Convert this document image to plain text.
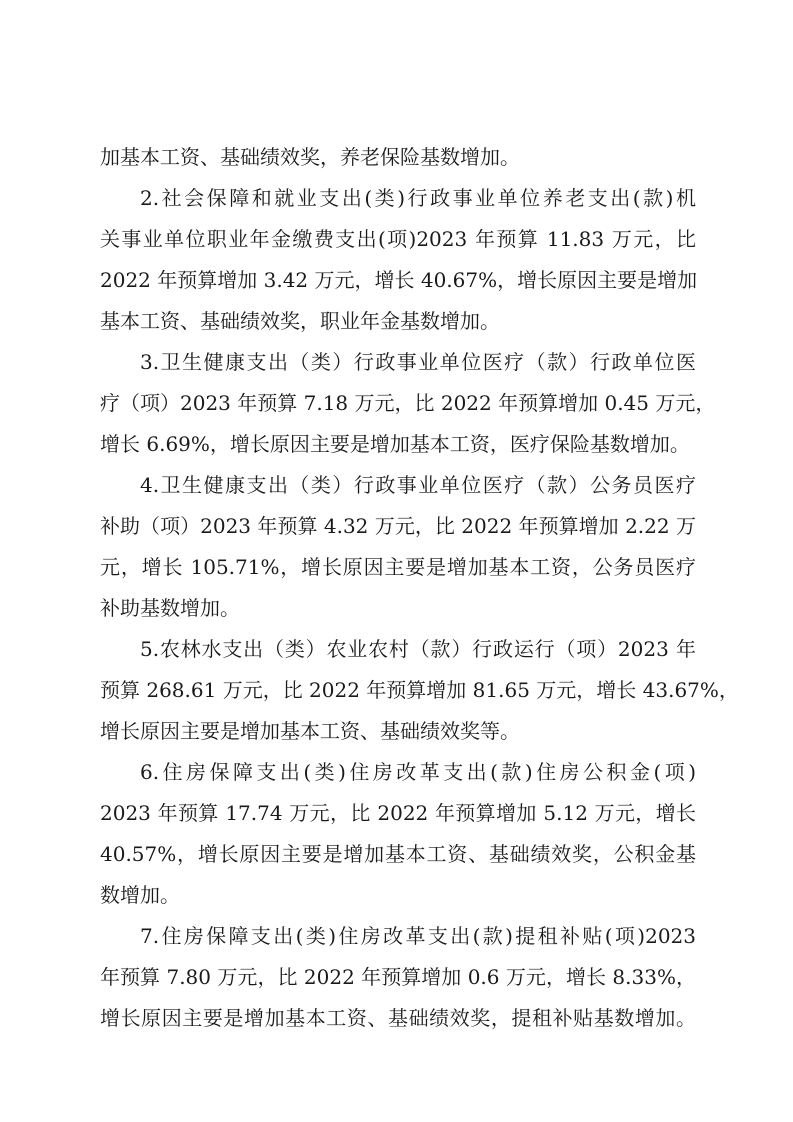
加基本工资、基础绩效奖，养老保险基数增加。
2.社会保障和就业支出(类)行政事业单位养老支出(款)机
关事业单位职业年金缴费支出(项)2023 年预算 11.83 万元，比
2022 年预算增加 3.42 万元，增长 40.67%，增长原因主要是增加
基本工资、基础绩效奖，职业年金基数增加。
3.卫生健康支出（类）行政事业单位医疗（款）行政单位医
疗（项）2023 年预算 7.18 万元，比 2022 年预算增加 0.45 万元，
增长 6.69%，增长原因主要是增加基本工资，医疗保险基数增加。
4.卫生健康支出（类）行政事业单位医疗（款）公务员医疗
补助（项）2023 年预算 4.32 万元，比 2022 年预算增加 2.22 万
元，增长 105.71%，增长原因主要是增加基本工资，公务员医疗
补助基数增加。
5.农林水支出（类）农业农村（款）行政运行（项）2023 年
预算 268.61 万元，比 2022 年预算增加 81.65 万元，增长 43.67%，
增长原因主要是增加基本工资、基础绩效奖等。
6.住房保障支出(类)住房改革支出(款)住房公积金(项)
2023 年预算 17.74 万元，比 2022 年预算增加 5.12 万元，增长
40.57%，增长原因主要是增加基本工资、基础绩效奖，公积金基
数增加。
7.住房保障支出(类)住房改革支出(款)提租补贴(项)2023
年预算 7.80 万元，比 2022 年预算增加 0.6 万元，增长 8.33%，
增长原因主要是增加基本工资、基础绩效奖，提租补贴基数增加。
